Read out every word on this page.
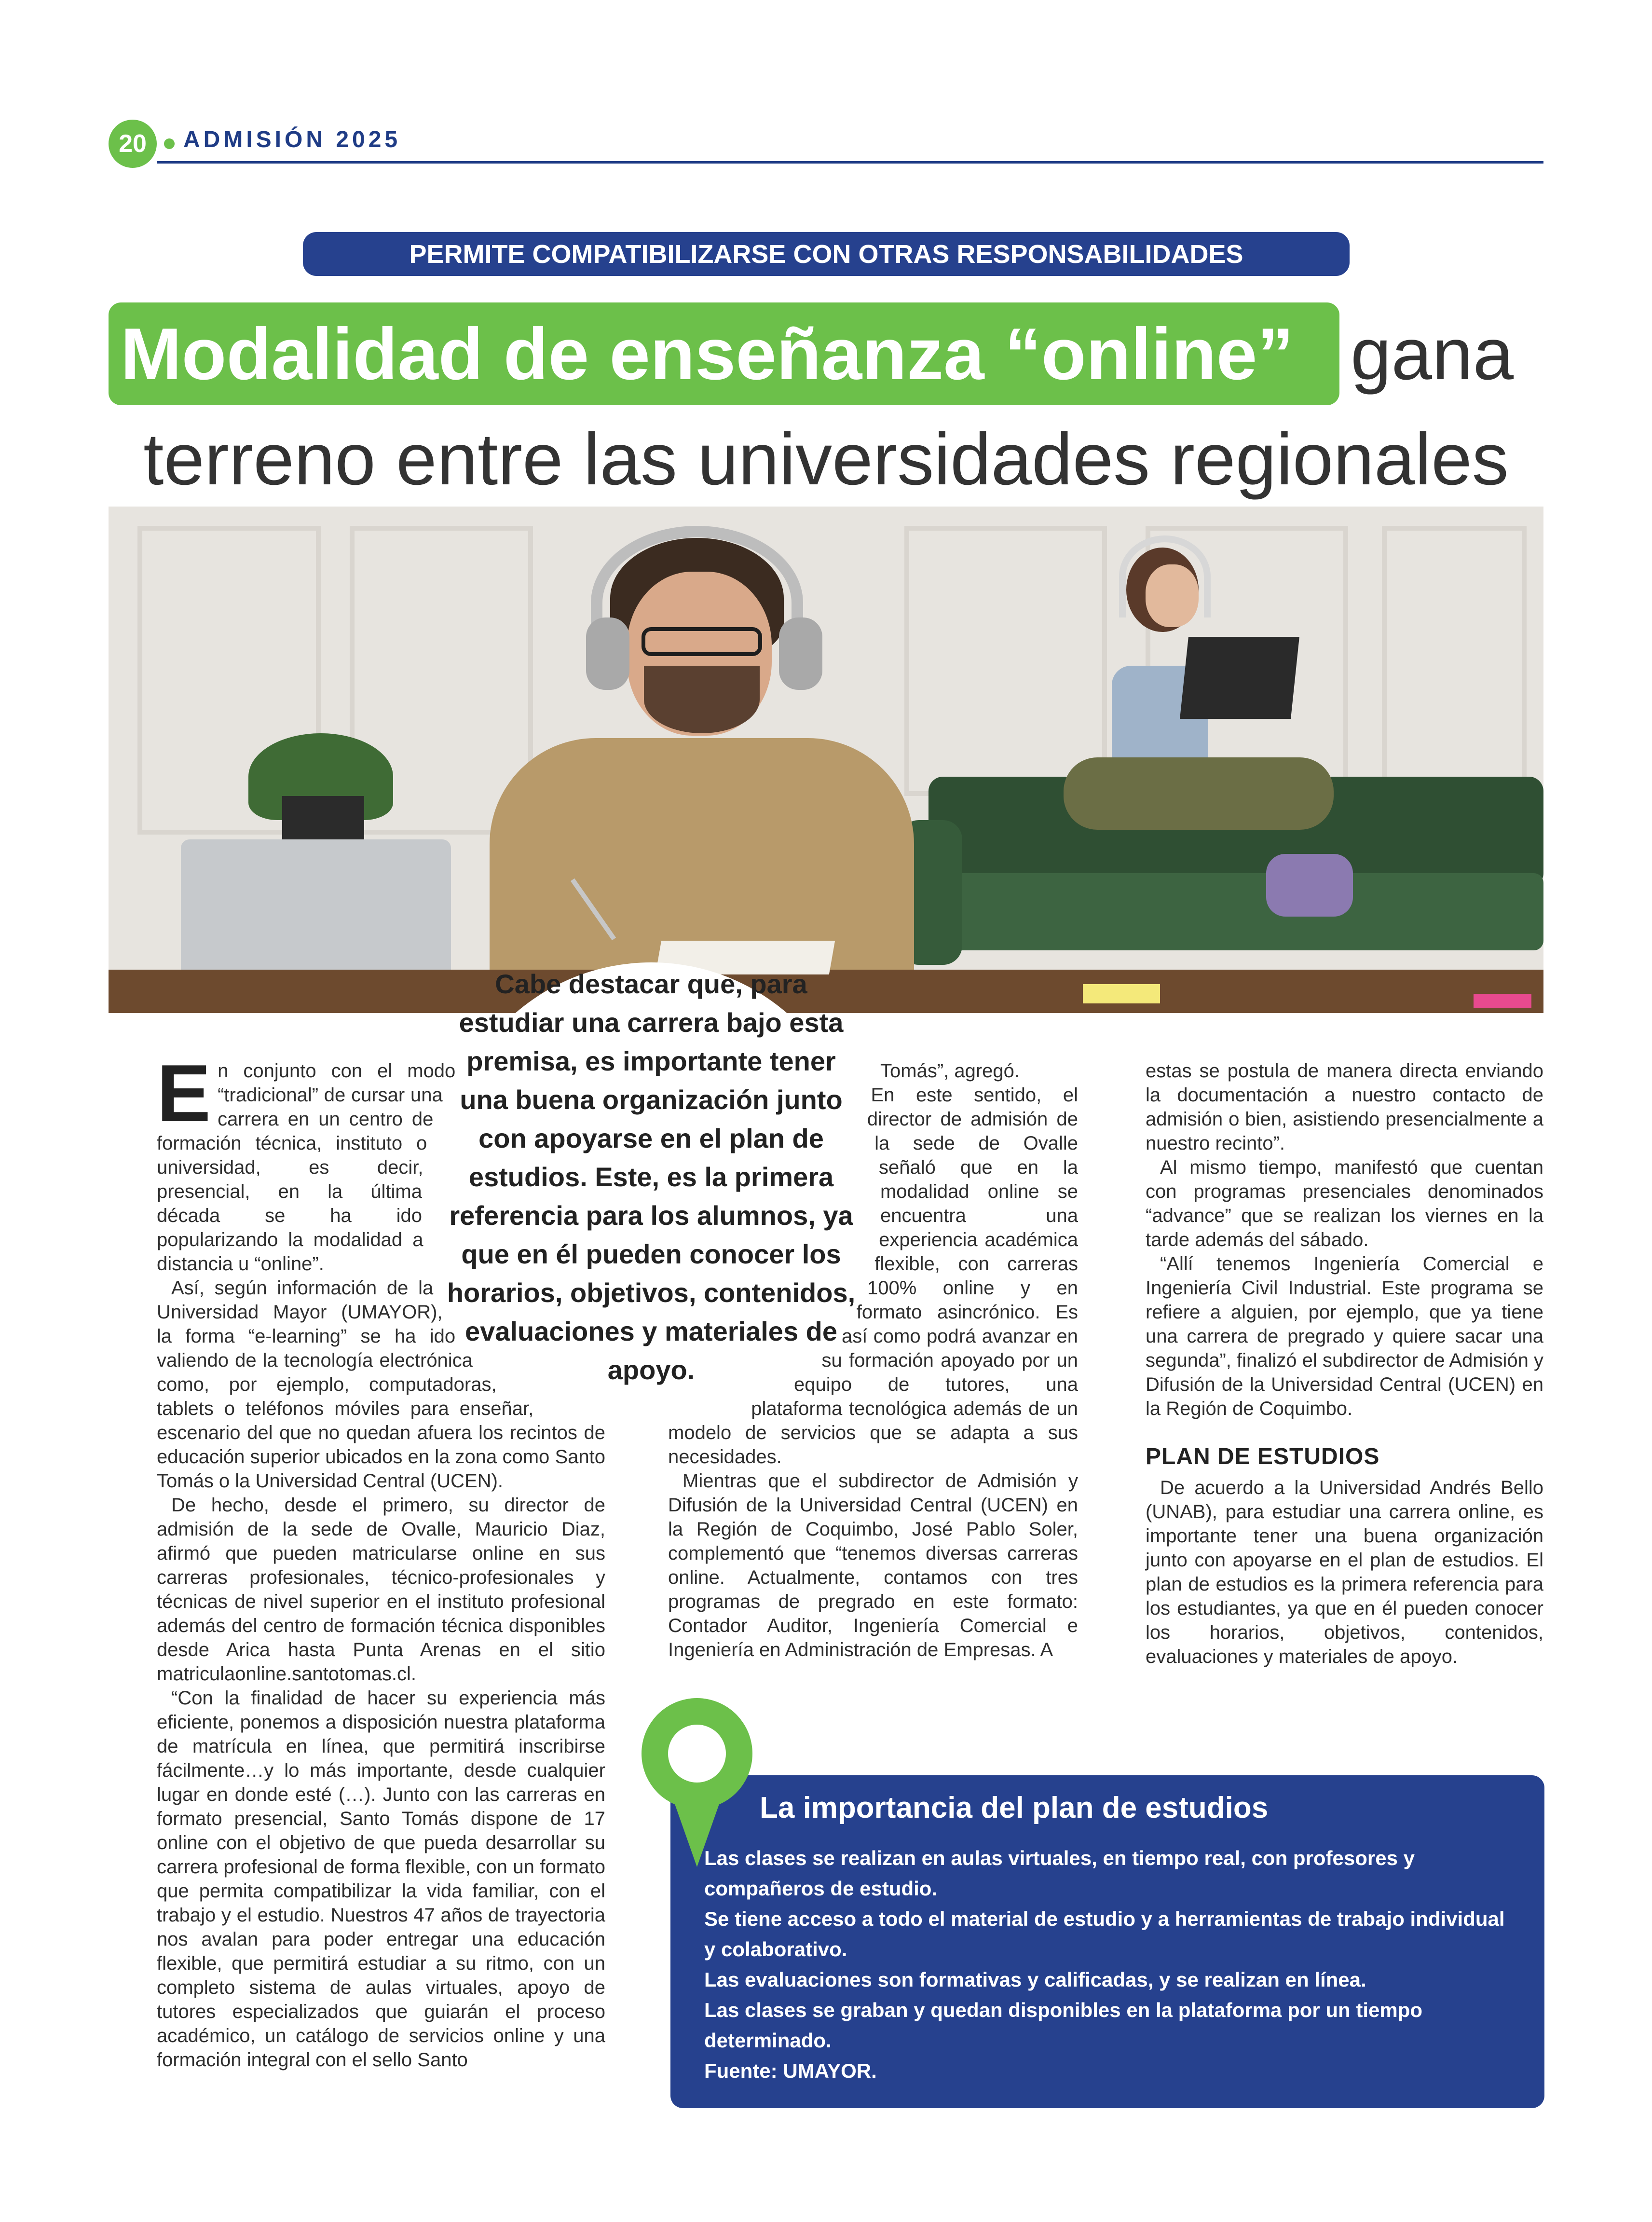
20	ADMISIÓN 2025
PERMITE COMPATIBILIZARSE CON OTRAS RESPONSABILIDADES
Modalidad de enseñanza “online” gana
terreno entre las universidades regionales
Cabe destacar que, para estudiar una carrera bajo esta premisa, es importante tener una buena organización junto con apoyarse en el plan de estudios. Este, es la primera referencia para los alumnos, ya que en él pueden conocer los horarios, objetivos, contenidos, evaluaciones y materiales de apoyo.

En conjunto con el modo “tradicional” de cursar una carrera en un centro de formación técnica, instituto o universidad, es decir, presencial, en la última década se ha ido popularizando la modalidad a distancia u “online”.

Así, según información de la Universidad Mayor (UMAYOR), la forma “e-learning” se ha ido valiendo de la tecnología electrónica como, por ejemplo, computadoras, tablets o teléfonos móviles para enseñar, escenario del que no quedan afuera los recintos de educación superior ubicados en la zona como Santo Tomás o la Universidad Central (UCEN).

De hecho, desde el primero, su director de admisión de la sede de Ovalle, Mauricio Diaz, afirmó que pueden matricularse online en sus carreras profesionales, técnico-profesionales y técnicas de nivel superior en el instituto profesional además del centro de formación técnica disponibles desde Arica hasta Punta Arenas en el sitio matriculaonline.santotomas.cl.

“Con la finalidad de hacer su experiencia más eficiente, ponemos a disposición nuestra plataforma de matrícula en línea, que permitirá inscribirse fácilmente…y lo más importante, desde cualquier lugar en donde esté (…). Junto con las carreras en formato presencial, Santo Tomás dispone de 17 online con el objetivo de que pueda desarrollar su carrera profesional de forma flexible, con un formato que permita compatibilizar la vida familiar, con el trabajo y el estudio. Nuestros 47 años de trayectoria nos avalan para poder entregar una educación flexible, que permitirá estudiar a su ritmo, con un completo sistema de aulas virtuales, apoyo de tutores especializados que guiarán el proceso académico, un catálogo de servicios online y una formación integral con el sello Santo

Tomás”, agregó.

En este sentido, el director de admisión de la sede de Ovalle señaló que en la modalidad online se encuentra una experiencia académica flexible, con carreras 100% online y en formato asincrónico. Es así como podrá avanzar en su formación apoyado por un equipo de tutores, una plataforma tecnológica además de un modelo de servicios que se adapta a sus necesidades.

Mientras que el subdirector de Admisión y Difusión de la Universidad Central (UCEN) en la Región de Coquimbo, José Pablo Soler, complementó que “tenemos diversas carreras online. Actualmente, contamos con tres programas de pregrado en este formato: Contador Auditor, Ingeniería Comercial e Ingeniería en Administración de Empresas. A

estas se postula de manera directa enviando la documentación a nuestro contacto de admisión o bien, asistiendo presencialmente a nuestro recinto”.

Al mismo tiempo, manifestó que cuentan con programas presenciales denominados “advance” que se realizan los viernes en la tarde además del sábado.

“Allí tenemos Ingeniería Comercial e Ingeniería Civil Industrial. Este programa se refiere a alguien, por ejemplo, que ya tiene una carrera de pregrado y quiere sacar una segunda”, finalizó el subdirector de Admisión y Difusión de la Universidad Central (UCEN) en la Región de Coquimbo.

PLAN DE ESTUDIOS

De acuerdo a la Universidad Andrés Bello (UNAB), para estudiar una carrera online, es importante tener una buena organización junto con apoyarse en el plan de estudios. El plan de estudios es la primera referencia para los estudiantes, ya que en él pueden conocer los horarios, objetivos, contenidos, evaluaciones y materiales de apoyo.

La importancia del plan de estudios
Las clases se realizan en aulas virtuales, en tiempo real, con profesores y compañeros de estudio.
Se tiene acceso a todo el material de estudio y a herramientas de trabajo individual y colaborativo.
Las evaluaciones son formativas y calificadas, y se realizan en línea.
Las clases se graban y quedan disponibles en la plataforma por un tiempo determinado.
Fuente: UMAYOR.
